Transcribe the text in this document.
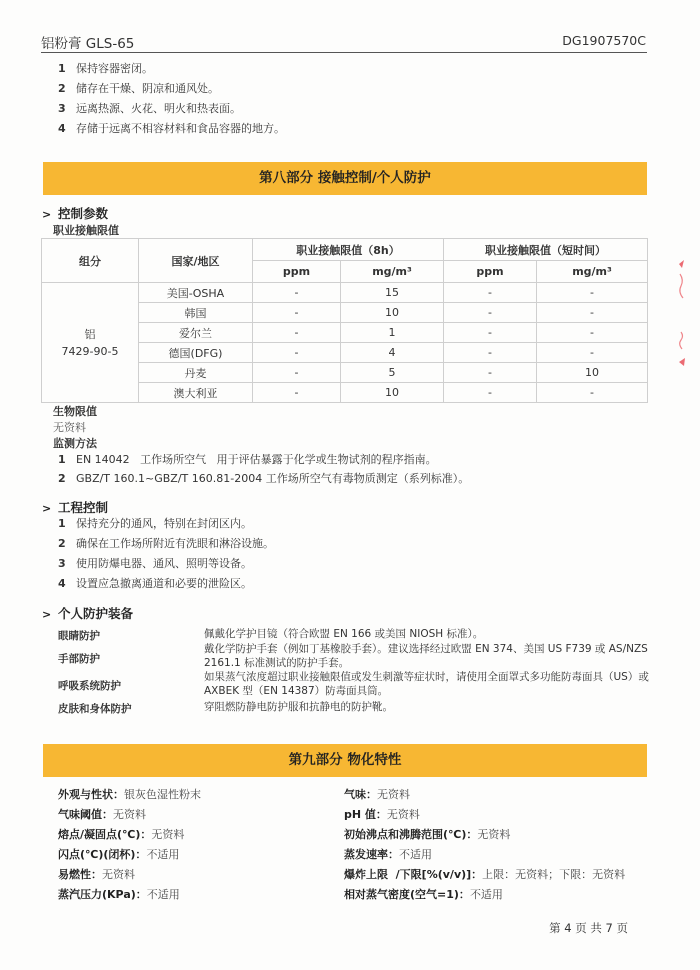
铝粉膏 GLS-65	DG1907570C
1 保持容器密闭。
2 储存在干燥、阴凉和通风处。
3 远离热源、火花、明火和热表面。
4 存储于远离不相容材料和食品容器的地方。
第八部分 接触控制/个人防护
> 控制参数
职业接触限值
组分	国家/地区	职业接触限值（8h）		职业接触限值（短时间）	
		ppm	mg/m³	ppm	mg/m³

铝
7429-90-5	美国-OSHA	-	15	-	-
	韩国	-	10	-	-
	爱尔兰	-	1	-	-
	德国(DFG)	-	4	-	-
	丹麦	-	5	-	10
	澳大利亚	-	10	-	-
生物限值
无资料
监测方法
1 EN 14042   工作场所空气   用于评估暴露于化学或生物试剂的程序指南。
2 GBZ/T 160.1~GBZ/T 160.81-2004 工作场所空气有毒物质测定（系列标准）。
> 工程控制
1 保持充分的通风，特别在封闭区内。
2 确保在工作场所附近有洗眼和淋浴设施。
3 使用防爆电器、通风、照明等设备。
4 设置应急撤离通道和必要的泄险区。
> 个人防护装备
眼睛防护	佩戴化学护目镜（符合欧盟 EN 166 或美国 NIOSH 标准）。
手部防护
戴化学防护手套（例如丁基橡胶手套）。建议选择经过欧盟 EN 374、美国 US F739 或 AS/NZS 2161.1 标准测试的防护手套。
呼吸系统防护
如果蒸气浓度超过职业接触限值或发生刺激等症状时，请使用全面罩式多功能防毒面具（US）或 AXBEK 型（EN 14387）防毒面具筒。
皮肤和身体防护	穿阻燃防静电防护服和抗静电的防护靴。
第九部分 物化特性
外观与性状：银灰色湿性粉末
气味阈值：无资料
熔点/凝固点(℃)：无资料
闪点(℃)(闭杯)：不适用
易燃性：无资料
蒸汽压力(KPa)：不适用
气味：无资料
pH 值：无资料
初始沸点和沸腾范围(℃)：无资料
蒸发速率：不适用
爆炸上限  /下限[%(v/v)]：上限：无资料；下限：无资料
相对蒸气密度(空气=1)：不适用
第 4 页 共 7 页
